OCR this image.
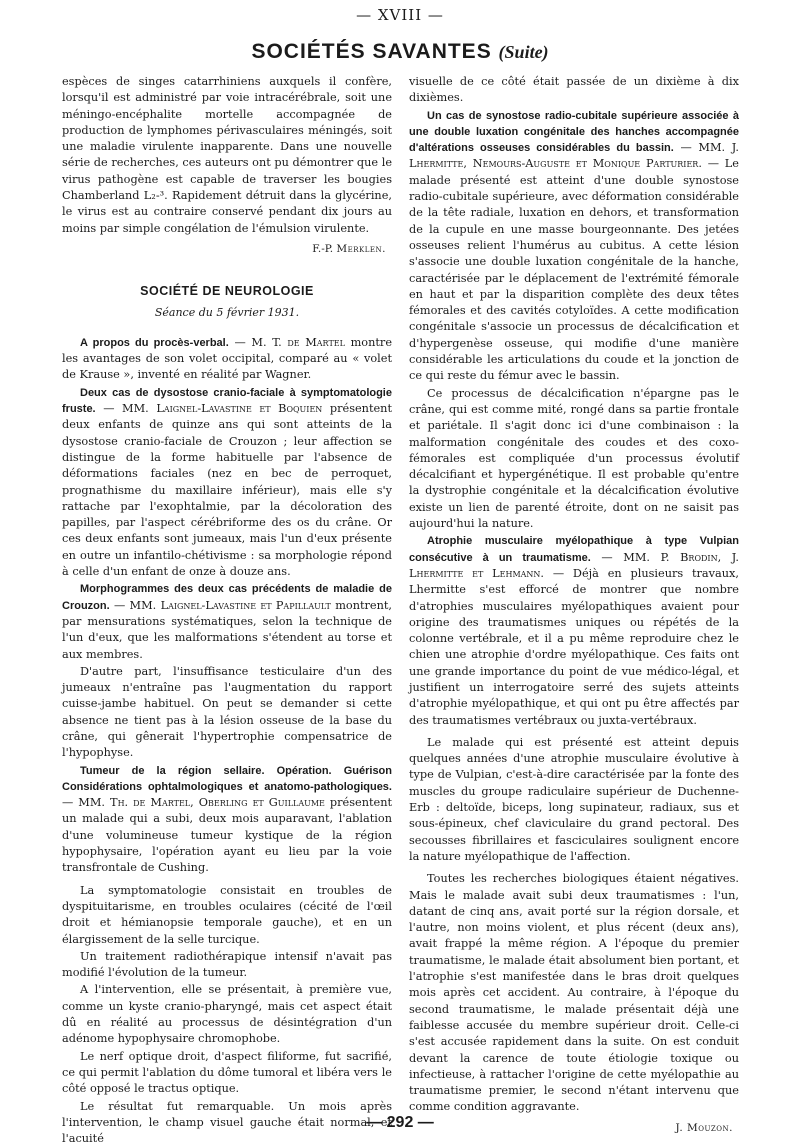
— XVIII —
SOCIÉTÉS SAVANTES (Suite)

espèces de singes catarrhiniens auxquels il confère, lorsqu'il est administré par voie intracérébrale, soit une méningo-encéphalite mortelle accompagnée de production de lymphomes périvasculaires méningés, soit une maladie virulente inapparente. Dans une nouvelle série de recherches, ces auteurs ont pu démontrer que le virus pathogène est capable de traverser les bougies Chamberland L₂-³. Rapidement détruit dans la glycérine, le virus est au contraire conservé pendant dix jours au moins par simple congélation de l'émulsion virulente.

F.-P. Merklen.
SOCIÉTÉ DE NEUROLOGIE
Séance du 5 février 1931.

A propos du procès-verbal. — M. T. de Martel montre les avantages de son volet occipital, comparé au « volet de Krause », inventé en réalité par Wagner.

Deux cas de dysostose cranio-faciale à symptomatologie fruste. — MM. Laignel-Lavastine et Boquien présentent deux enfants de quinze ans qui sont atteints de la dysostose cranio-faciale de Crouzon ; leur affection se distingue de la forme habituelle par l'absence de déformations faciales (nez en bec de perroquet, prognathisme du maxillaire inférieur), mais elle s'y rattache par l'exophtalmie, par la décoloration des papilles, par l'aspect cérébriforme des os du crâne. Or ces deux enfants sont jumeaux, mais l'un d'eux présente en outre un infantilo-chétivisme : sa morphologie répond à celle d'un enfant de onze à douze ans.

Morphogrammes des deux cas précédents de maladie de Crouzon. — MM. Laignel-Lavastine et Papillault montrent, par mensurations systématiques, selon la technique de l'un d'eux, que les malformations s'étendent au torse et aux membres.

D'autre part, l'insuffisance testiculaire d'un des jumeaux n'entraîne pas l'augmentation du rapport cuisse-jambe habituel. On peut se demander si cette absence ne tient pas à la lésion osseuse de la base du crâne, qui gênerait l'hypertrophie compensatrice de l'hypophyse.

Tumeur de la région sellaire. Opération. Guérison Considérations ophtalmologiques et anatomo-pathologiques. — MM. Th. de Martel, Oberling et Guillaume présentent un malade qui a subi, deux mois auparavant, l'ablation d'une volumineuse tumeur kystique de la région hypophysaire, l'opération ayant eu lieu par la voie transfrontale de Cushing.

La symptomatologie consistait en troubles de dyspituitarisme, en troubles oculaires (cécité de l'œil droit et hémianopsie temporale gauche), et en un élargissement de la selle turcique.

Un traitement radiothérapique intensif n'avait pas modifié l'évolution de la tumeur.

A l'intervention, elle se présentait, à première vue, comme un kyste cranio-pharyngé, mais cet aspect était dû en réalité au processus de désintégration d'un adénome hypophysaire chromophobe.

Le nerf optique droit, d'aspect filiforme, fut sacrifié, ce qui permit l'ablation du dôme tumoral et libéra vers le côté opposé le tractus optique.

Le résultat fut remarquable. Un mois après l'intervention, le champ visuel gauche était normal, et l'acuité

visuelle de ce côté était passée de un dixième à dix dixièmes.

Un cas de synostose radio-cubitale supérieure associée à une double luxation congénitale des hanches accompagnée d'altérations osseuses considérables du bassin. — MM. J. Lhermitte, Nemours-Auguste et Monique Parturier. — Le malade présenté est atteint d'une double synostose radio-cubitale supérieure, avec déformation considérable de la tête radiale, luxation en dehors, et transformation de la cupule en une masse bourgeonnante. Des jetées osseuses relient l'humérus au cubitus. A cette lésion s'associe une double luxation congénitale de la hanche, caractérisée par le déplacement de l'extrémité fémorale en haut et par la disparition complète des deux têtes fémorales et des cavités cotyloïdes. A cette modification congénitale s'associe un processus de décalcification et d'hypergenèse osseuse, qui modifie d'une manière considérable les articulations du coude et la jonction de ce qui reste du fémur avec le bassin.

Ce processus de décalcification n'épargne pas le crâne, qui est comme mité, rongé dans sa partie frontale et pariétale. Il s'agit donc ici d'une combinaison : la malformation congénitale des coudes et des coxo-fémorales est compliquée d'un processus évolutif décalcifiant et hypergénétique. Il est probable qu'entre la dystrophie congénitale et la décalcification évolutive existe un lien de parenté étroite, dont on ne saisit pas aujourd'hui la nature.

Atrophie musculaire myélopathique à type Vulpian consécutive à un traumatisme. — MM. P. Brodin, J. Lhermitte et Lehmann. — Déjà en plusieurs travaux, Lhermitte s'est efforcé de montrer que nombre d'atrophies musculaires myélopathiques avaient pour origine des traumatismes uniques ou répétés de la colonne vertébrale, et il a pu même reproduire chez le chien une atrophie d'ordre myélopathique. Ces faits ont une grande importance du point de vue médico-légal, et justifient un interrogatoire serré des sujets atteints d'atrophie myélopathique, et qui ont pu être affectés par des traumatismes vertébraux ou juxta-vertébraux.

Le malade qui est présenté est atteint depuis quelques années d'une atrophie musculaire évolutive à type de Vulpian, c'est-à-dire caractérisée par la fonte des muscles du groupe radiculaire supérieur de Duchenne-Erb : deltoïde, biceps, long supinateur, radiaux, sus et sous-épineux, chef claviculaire du grand pectoral. Des secousses fibrillaires et fasciculaires soulignent encore la nature myélopathique de l'affection.

Toutes les recherches biologiques étaient négatives. Mais le malade avait subi deux traumatismes : l'un, datant de cinq ans, avait porté sur la région dorsale, et l'autre, non moins violent, et plus récent (deux ans), avait frappé la même région. A l'époque du premier traumatisme, le malade était absolument bien portant, et l'atrophie s'est manifestée dans le bras droit quelques mois après cet accident. Au contraire, à l'époque du second traumatisme, le malade présentait déjà une faiblesse accusée du membre supérieur droit. Celle-ci s'est accusée rapidement dans la suite. On est conduit devant la carence de toute étiologie toxique ou infectieuse, à rattacher l'origine de cette myélopathie au traumatisme premier, le second n'étant intervenu que comme condition aggravante.

J. Mouzon.
— 292 —
